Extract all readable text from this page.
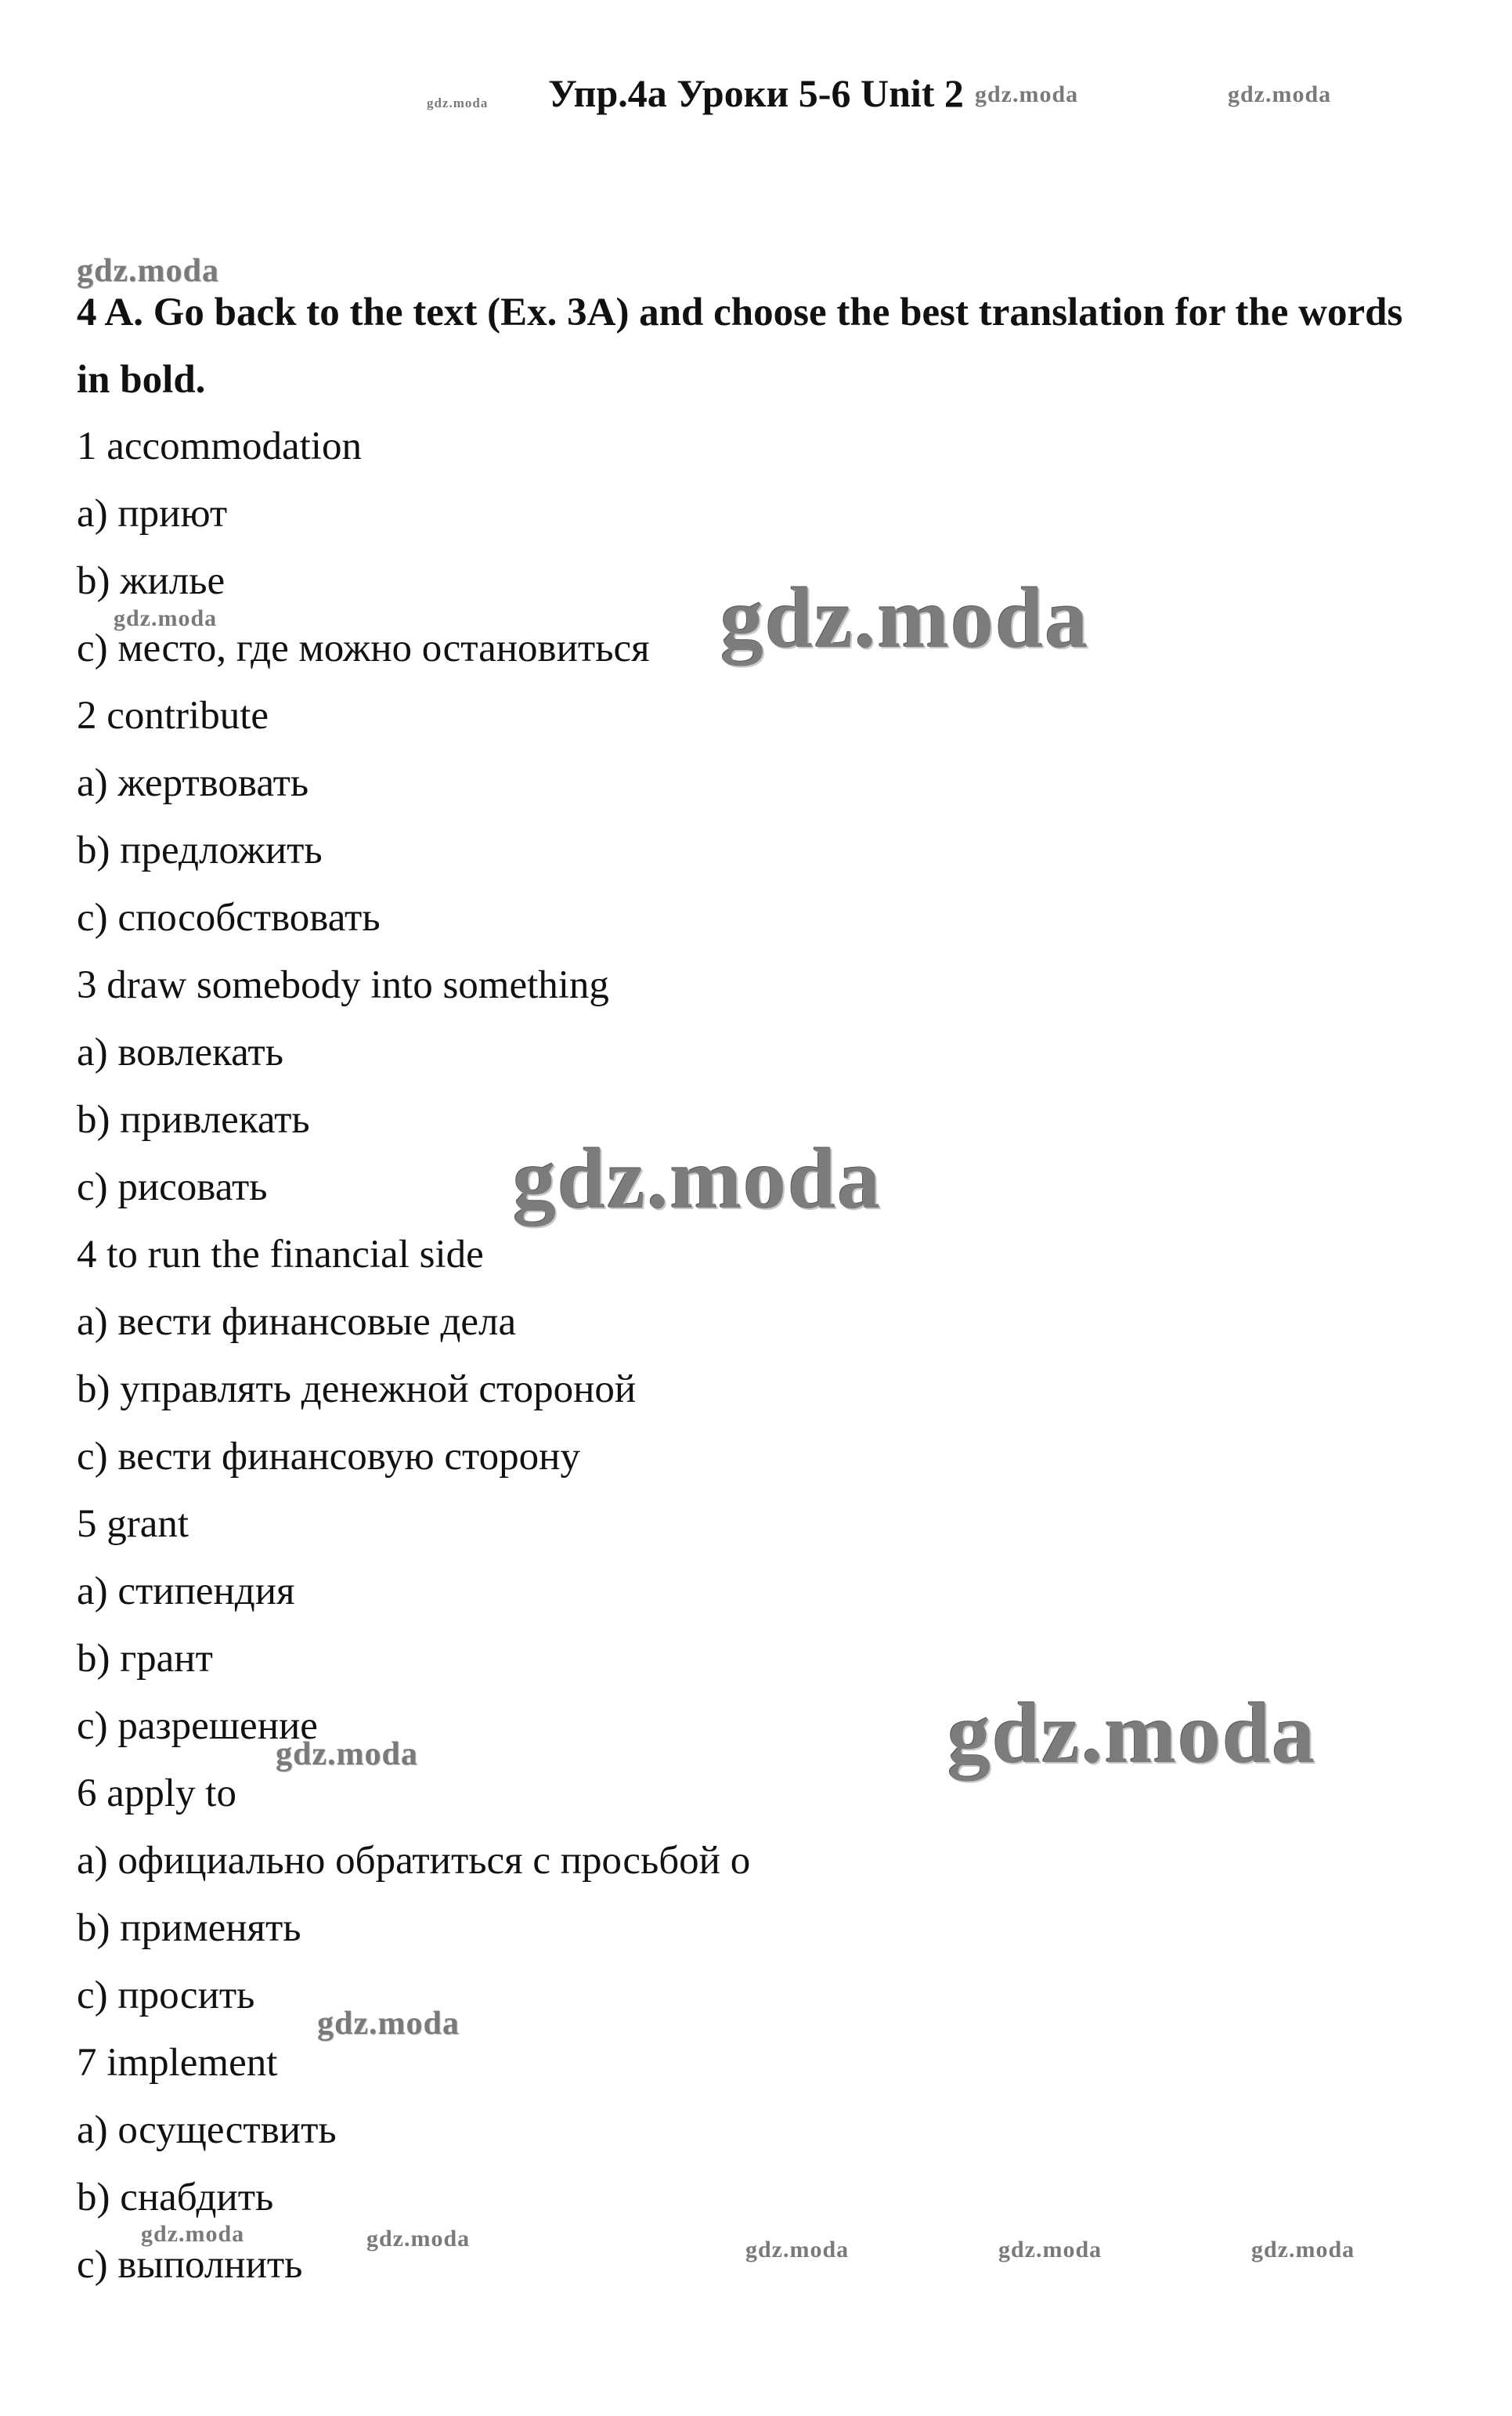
Упр.4а Уроки 5-6 Unit 2
4 A. Go back to the text (Ex. 3A) and choose the best translation for the words in bold.
1 accommodation
a) приют
b) жилье
c) место, где можно остановиться
2 contribute
a) жертвовать
b) предложить
c) способствовать
3 draw somebody into something
a) вовлекать
b) привлекать
c) рисовать
4 to run the financial side
a) вести финансовые дела
b) управлять денежной стороной
c) вести финансовую сторону
5 grant
a) стипендия
b) грант
c) разрешение
6 apply to
a) официально обратиться с просьбой о
b) применять
c) просить
7 implement
a) осуществить
b) снабдить
c) выполнить
gdz.moda	gdz.moda	gdz.moda
gdz.moda
gdz.moda	gdz.moda
gdz.moda
gdz.moda
gdz.moda
gdz.moda
gdz.moda	gdz.moda	gdz.moda	gdz.moda	gdz.moda
